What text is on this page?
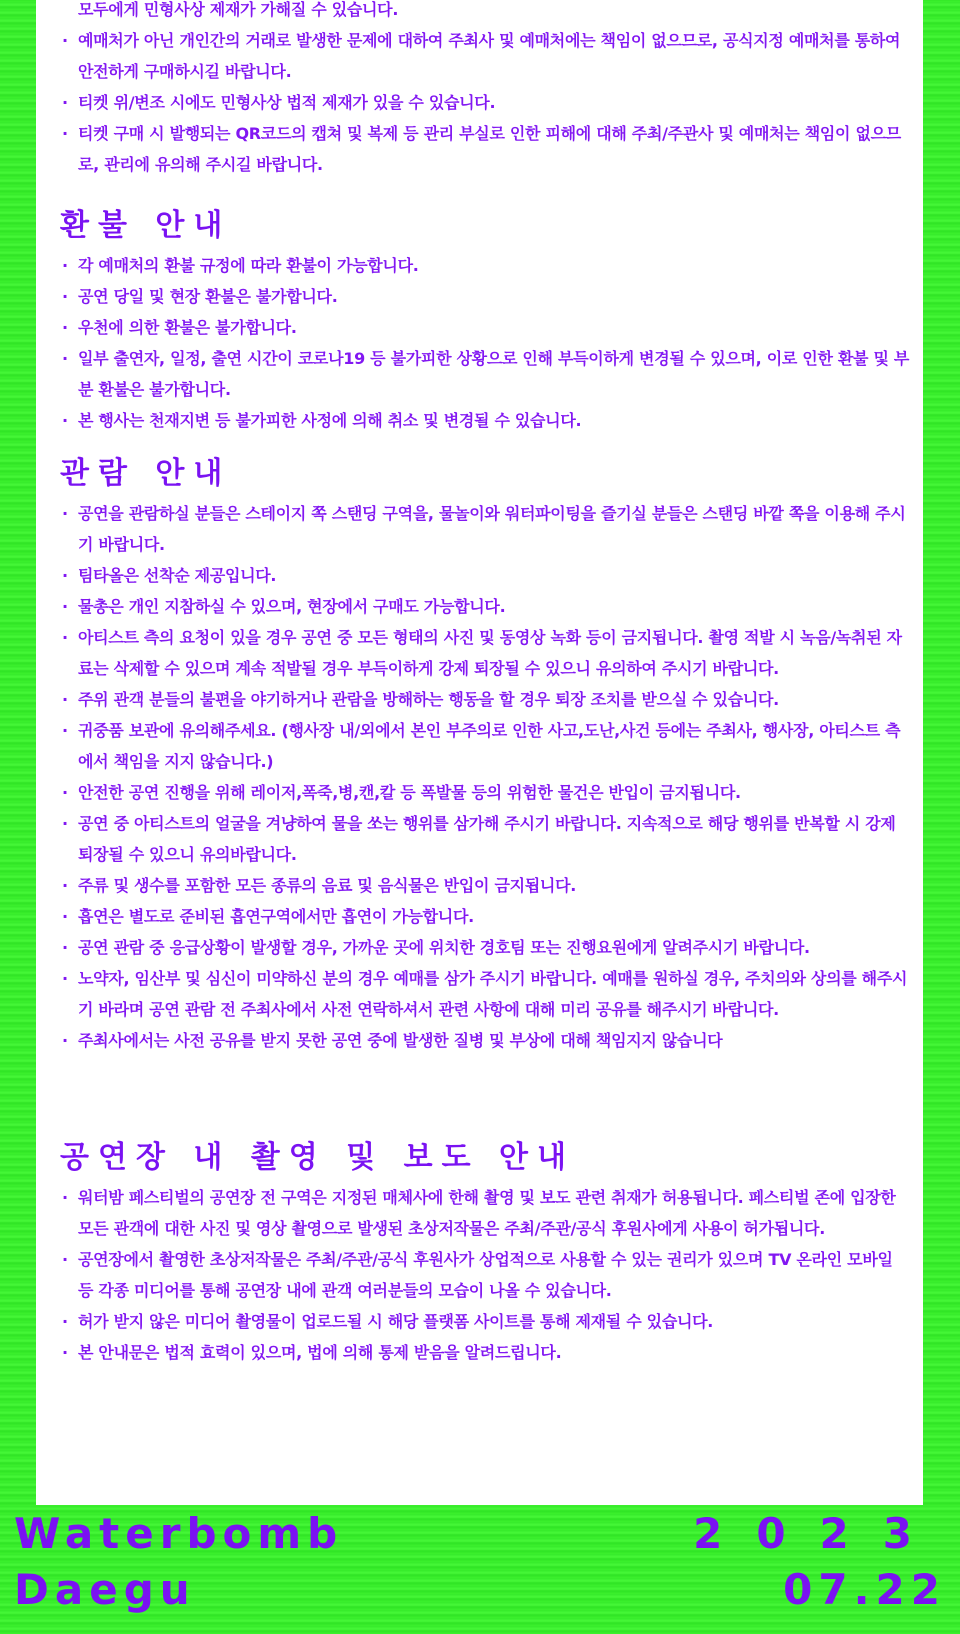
모두에게 민형사상 제재가 가해질 수 있습니다.
· 예매처가 아닌 개인간의 거래로 발생한 문제에 대하여 주최사 및 예매처에는 책임이 없으므로, 공식지정 예매처를 통하여 안전하게 구매하시길 바랍니다.
· 티켓 위/변조 시에도 민형사상 법적 제재가 있을 수 있습니다.
· 티켓 구매 시 발행되는 QR코드의 캡쳐 및 복제 등 관리 부실로 인한 피해에 대해 주최/주관사 및 예매처는 책임이 없으므로, 관리에 유의해 주시길 바랍니다.
환불 안내
· 각 예매처의 환불 규정에 따라 환불이 가능합니다.
· 공연 당일 및 현장 환불은 불가합니다.
· 우천에 의한 환불은 불가합니다.
· 일부 출연자, 일정, 출연 시간이 코로나19 등 불가피한 상황으로 인해 부득이하게 변경될 수 있으며, 이로 인한 환불 및 부분 환불은 불가합니다.
· 본 행사는 천재지변 등 불가피한 사정에 의해 취소 및 변경될 수 있습니다.
관람 안내
· 공연을 관람하실 분들은 스테이지 쪽 스탠딩 구역을, 물놀이와 워터파이팅을 즐기실 분들은 스탠딩 바깥 쪽을 이용해 주시기 바랍니다.
· 팀타올은 선착순 제공입니다.
· 물총은 개인 지참하실 수 있으며, 현장에서 구매도 가능합니다.
· 아티스트 측의 요청이 있을 경우 공연 중 모든 형태의 사진 및 동영상 녹화 등이 금지됩니다. 촬영 적발 시 녹음/녹취된 자료는 삭제할 수 있으며 계속 적발될 경우 부득이하게 강제 퇴장될 수 있으니 유의하여 주시기 바랍니다.
· 주위 관객 분들의 불편을 야기하거나 관람을 방해하는 행동을 할 경우 퇴장 조치를 받으실 수 있습니다.
· 귀중품 보관에 유의해주세요. (행사장 내/외에서 본인 부주의로 인한 사고,도난,사건 등에는 주최사, 행사장, 아티스트 측에서 책임을 지지 않습니다.)
· 안전한 공연 진행을 위해 레이저,폭죽,병,캔,칼 등 폭발물 등의 위험한 물건은 반입이 금지됩니다.
· 공연 중 아티스트의 얼굴을 겨냥하여 물을 쏘는 행위를 삼가해 주시기 바랍니다. 지속적으로 해당 행위를 반복할 시 강제 퇴장될 수 있으니 유의바랍니다.
· 주류 및 생수를 포함한 모든 종류의 음료 및 음식물은 반입이 금지됩니다.
· 흡연은 별도로 준비된 흡연구역에서만 흡연이 가능합니다.
· 공연 관람 중 응급상황이 발생할 경우, 가까운 곳에 위치한 경호팀 또는 진행요원에게 알려주시기 바랍니다.
· 노약자, 임산부 및 심신이 미약하신 분의 경우 예매를 삼가 주시기 바랍니다. 예매를 원하실 경우, 주치의와 상의를 해주시기 바라며 공연 관람 전 주최사에서 사전 연락하셔서 관련 사항에 대해 미리 공유를 해주시기 바랍니다.
· 주최사에서는 사전 공유를 받지 못한 공연 중에 발생한 질병 및 부상에 대해 책임지지 않습니다
공연장 내 촬영 및 보도 안내
· 워터밤 페스티벌의 공연장 전 구역은 지정된 매체사에 한해 촬영 및 보도 관련 취재가 허용됩니다. 페스티벌 존에 입장한 모든 관객에 대한 사진 및 영상 촬영으로 발생된 초상저작물은 주최/주관/공식 후원사에게 사용이 허가됩니다.
· 공연장에서 촬영한 초상저작물은 주최/주관/공식 후원사가 상업적으로 사용할 수 있는 권리가 있으며 TV 온라인 모바일 등 각종 미디어를 통해 공연장 내에 관객 여러분들의 모습이 나올 수 있습니다.
· 허가 받지 않은 미디어 촬영물이 업로드될 시 해당 플랫폼 사이트를 통해 제재될 수 있습니다.
· 본 안내문은 법적 효력이 있으며, 법에 의해 통제 받음을 알려드립니다.
Waterbomb	2023
Daegu	07.22
